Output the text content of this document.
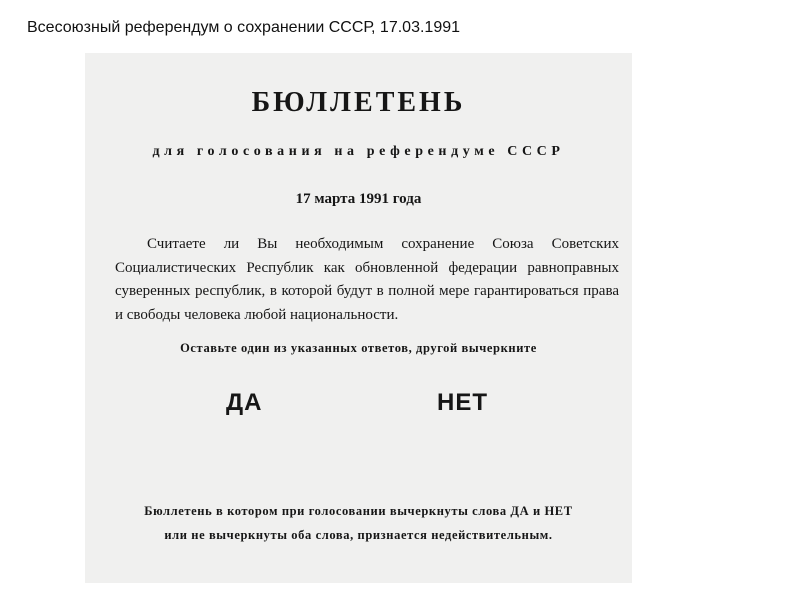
Всесоюзный референдум о сохранении СССР, 17.03.1991
БЮЛЛЕТЕНЬ
для голосования на референдуме СССР
17 марта 1991 года
Считаете ли Вы необходимым сохранение Союза Советских Социалистических Республик как обновленной федерации равноправных суверенных республик, в которой будут в полной мере гарантироваться права и свободы человека любой национальности.
Оставьте один из указанных ответов, другой вычеркните
ДА	НЕТ
Бюллетень в котором при голосовании вычеркнуты слова ДА и НЕТ
или не вычеркнуты оба слова, признается недействительным.
